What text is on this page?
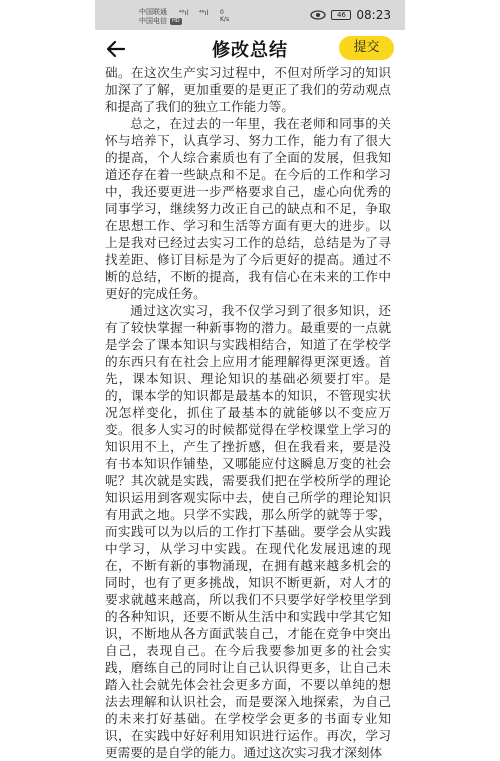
中国联通
中国电信	HD
⁴⁶ıl ⁴⁶ıl 0
K/s
46 08:23
修改总结	提交

础。在这次生产实习过程中，不但对所学习的知识加深了了解，更加重要的是更正了我们的劳动观点和提高了我们的独立工作能力等。

总之，在过去的一年里，我在老师和同事的关怀与培养下，认真学习、努力工作，能力有了很大的提高，个人综合素质也有了全面的发展，但我知道还存在着一些缺点和不足。在今后的工作和学习中，我还要更进一步严格要求自己，虚心向优秀的同事学习，继续努力改正自己的缺点和不足，争取在思想工作、学习和生活等方面有更大的进步。以上是我对已经过去实习工作的总结，总结是为了寻找差距、修订目标是为了今后更好的提高。通过不断的总结，不断的提高，我有信心在未来的工作中更好的完成任务。

通过这次实习，我不仅学习到了很多知识，还有了较快掌握一种新事物的潜力。最重要的一点就是学会了课本知识与实践相结合，知道了在学校学的东西只有在社会上应用才能理解得更深更透。首先，课本知识、理论知识的基础必须要打牢。是的，课本学的知识都是最基本的知识，不管现实状况怎样变化，抓住了最基本的就能够以不变应万变。很多人实习的时候都觉得在学校课堂上学习的知识用不上，产生了挫折感，但在我看来，要是没有书本知识作铺垫，又哪能应付这瞬息万变的社会呢？其次就是实践，需要我们把在学校所学的理论知识运用到客观实际中去，使自己所学的理论知识有用武之地。只学不实践，那么所学的就等于零，而实践可以为以后的工作打下基础。要学会从实践中学习，从学习中实践。在现代化发展迅速的现在，不断有新的事物涌现，在拥有越来越多机会的同时，也有了更多挑战，知识不断更新，对人才的要求就越来越高，所以我们不只要学好学校里学到的各种知识，还要不断从生活中和实践中学其它知识，不断地从各方面武装自己，才能在竞争中突出自己，表现自己。在今后我要参加更多的社会实践，磨练自己的同时让自己认识得更多，让自己未踏入社会就先体会社会更多方面，不要以单纯的想法去理解和认识社会，而是要深入地探索，为自己的未来打好基础。在学校学会更多的书面专业知识，在实践中好好利用知识进行运作。再次，学习更需要的是自学的能力。通过这次实习我才深刻体
